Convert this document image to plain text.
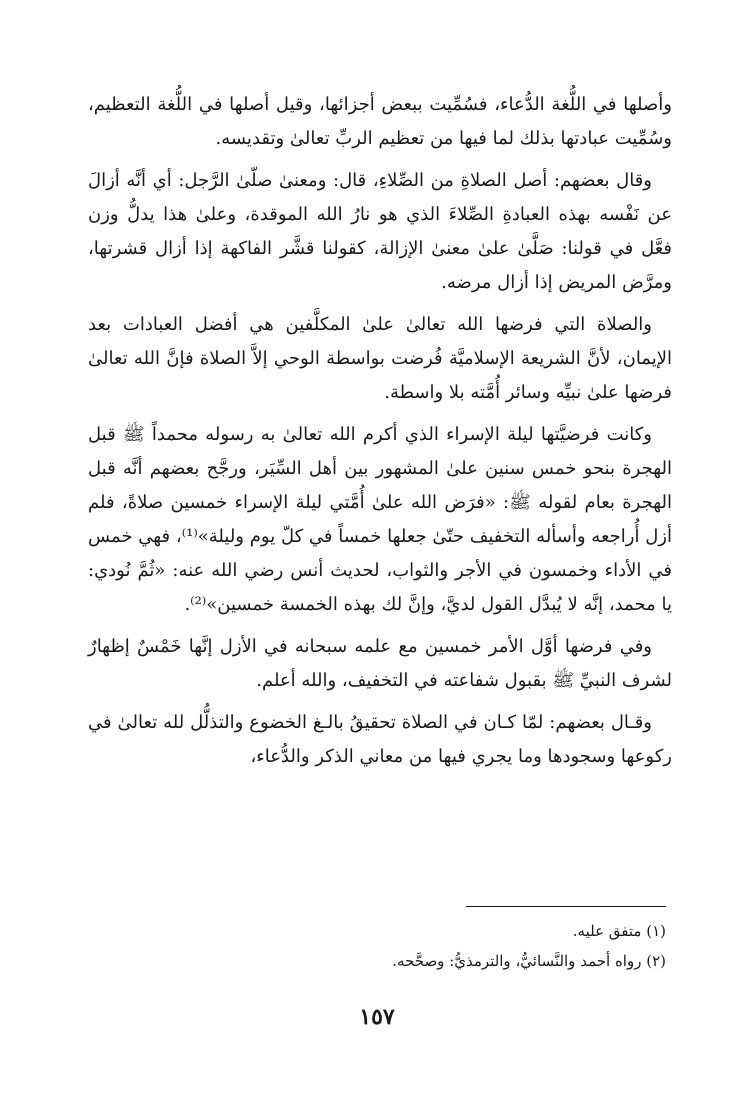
وأصلها في اللُّغة الدُّعاء، فسُمِّيت ببعض أجزائها، وقيل أصلها في اللُّغة التعظيم، وسُمِّيت عبادتها بذلك لما فيها من تعظيم الربِّ تعالىٰ وتقديسه.

وقال بعضهم: أصل الصلاةِ من الصِّلاءِ، قال: ومعنىٰ صلّىٰ الرَّجل: أي أنَّه أزالَ عن نَفْسه بهذه العبادةِ الصِّلاءَ الذي هو نارُ الله الموقدة، وعلىٰ هذا يدلُّ وزن فعَّل في قولنا: صَلَّىٰ علىٰ معنىٰ الإزالة، كقولنا قشَّر الفاكهة إذا أزال قشرتها، ومرَّض المريض إذا أزال مرضه.

والصلاة التي فرضها الله تعالىٰ علىٰ المكلَّفين هي أفضل العبادات بعد الإيمان، لأنَّ الشريعة الإسلاميَّة فُرضت بواسطة الوحي إلاَّ الصلاة فإنَّ الله تعالىٰ فرضها علىٰ نبيِّه وسائر أُمَّته بلا واسطة.

وكانت فرضيَّتها ليلة الإسراء الذي أكرم الله تعالىٰ به رسوله محمداً ﷺ قبل الهجرة بنحو خمس سنين علىٰ المشهور بين أهل السِّيَر، ورجَّح بعضهم أنَّه قبل الهجرة بعام لقوله ﷺ: «فرَض الله علىٰ أُمَّتي ليلة الإسراء خمسين صلاةً، فلم أزل أُراجعه وأسأله التخفيف حتّىٰ جعلها خمساً في كلّ يوم وليلة»⁽¹⁾، فهي خمس في الأداء وخمسون في الأجر والثواب، لحديث أنس رضي الله عنه: «ثُمَّ نُودي: يا محمد، إنَّه لا يُبدَّل القول لديَّ، وإنَّ لك بهذه الخمسة خمسين»⁽²⁾.

وفي فرضها أوَّل الأمر خمسين مع علمه سبحانه في الأزل إنَّها خَمْسٌ إظهارٌ لشرف النبيِّ ﷺ بقبول شفاعته في التخفيف، والله أعلم.

وقـال بعضهم: لمّا كـان في الصلاة تحقيقُ بالـغ الخضوع والتذلُّل لله تعالىٰ في ركوعها وسجودها وما يجري فيها من معاني الذكر والدُّعاء،

(١) متفق عليه.

(٢) رواه أحمد والنَّسائيُّ، والترمذيُّ: وصحَّحه.

١٥٧
